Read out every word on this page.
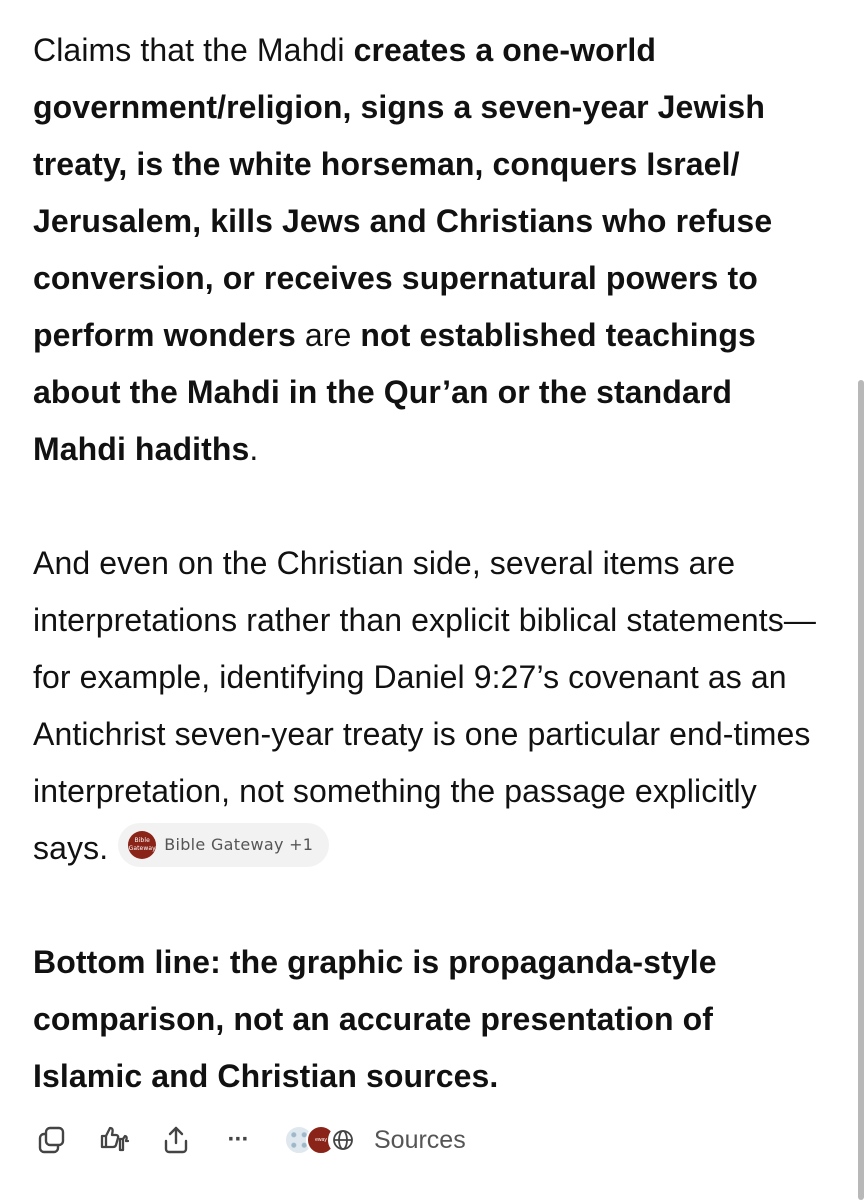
Claims that the Mahdi creates a one-world government/religion, signs a seven-year Jewish treaty, is the white horseman, conquers Israel/ Jerusalem, kills Jews and Christians who refuse conversion, or receives supernatural powers to perform wonders are not established teachings about the Mahdi in the Qur’an or the standard Mahdi hadiths.

And even on the Christian side, several items are interpretations rather than explicit biblical statements—for example, identifying Daniel 9:27’s covenant as an Antichrist seven-year treaty is one particular end-times interpretation, not something the passage explicitly says.	Bible
Gateway Bible Gateway +1

Bottom line: the graphic is propaganda-style comparison, not an accurate presentation of Islamic and Christian sources.

···	eway Sources
